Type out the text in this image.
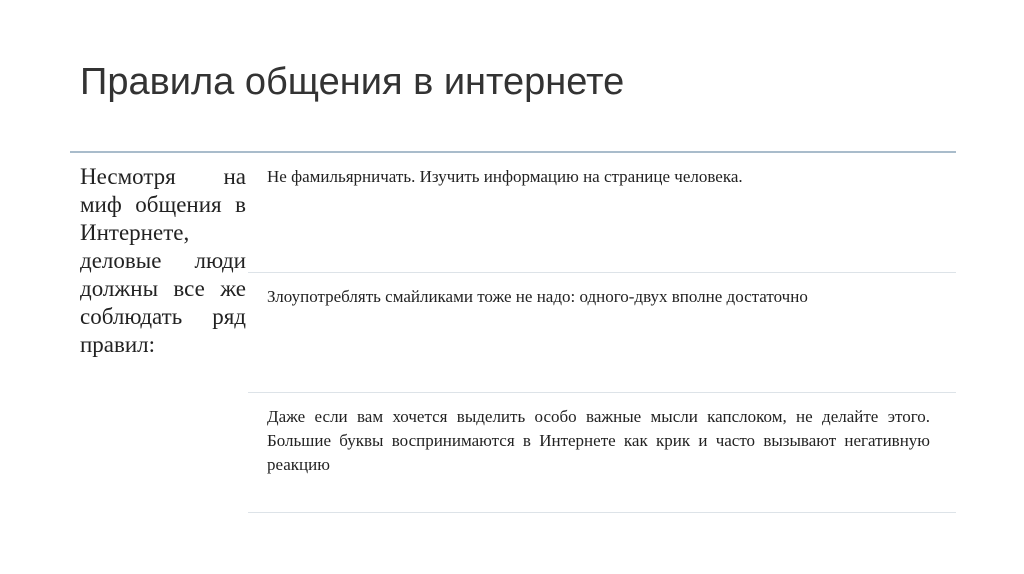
Правила общения в интернете

Несмотря на миф общения в Интернете, деловые люди должны все же соблюдать ряд правил:

Не фамильярничать. Изучить информацию на странице человека.

Злоупотреблять смайликами тоже не надо: одного-двух вполне достаточно

Даже если вам хочется выделить особо важные мысли капслоком, не делайте этого. Большие буквы воспринимаются в Интернете как крик и часто вызывают негативную реакцию
